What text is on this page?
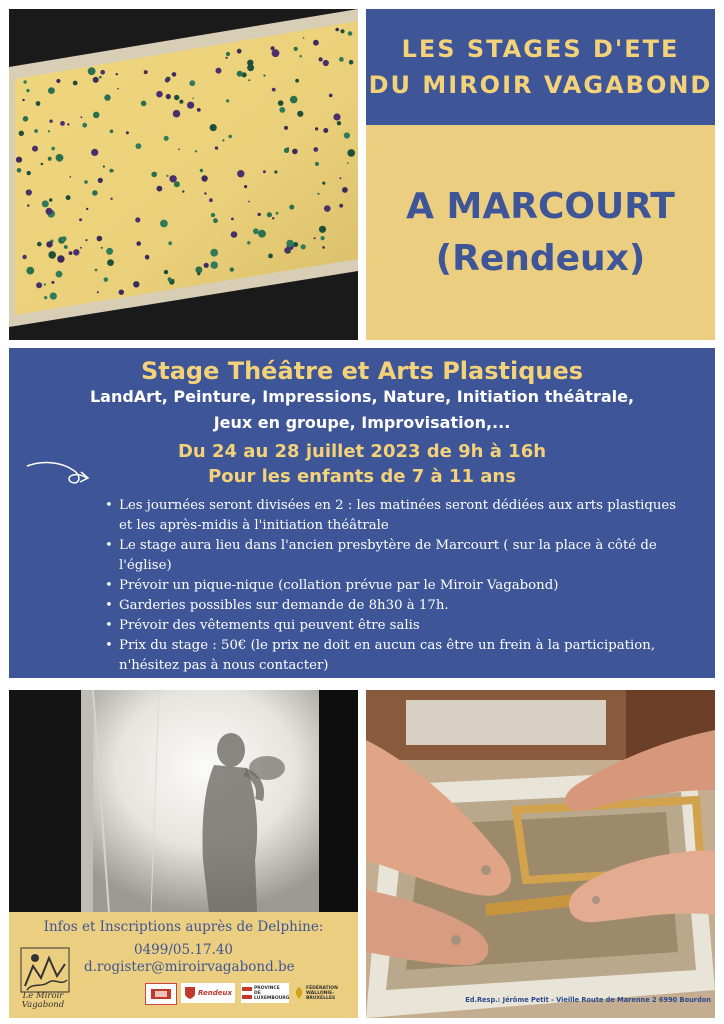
LES STAGES D'ETE
DU MIROIR VAGABOND
A MARCOURT
(Rendeux)
Stage Théâtre et Arts Plastiques
LandArt, Peinture, Impressions, Nature, Initiation théâtrale,
Jeux en groupe, Improvisation,...
Du 24 au 28 juillet 2023 de 9h à 16h
Pour les enfants de 7 à 11 ans
• Les journées seront divisées en 2 : les matinées seront dédiées aux arts plastiques et les après-midis à l'initiation théâtrale
• Le stage aura lieu dans l'ancien presbytère de Marcourt ( sur la place à côté de l'église)
• Prévoir un pique-nique (collation prévue par le Miroir Vagabond)
• Garderies possibles sur demande de 8h30 à 17h.
• Prévoir des vêtements qui peuvent être salis
• Prix du stage : 50€ (le prix ne doit en aucun cas être un frein à la participation, n'hésitez pas à nous contacter)
Infos et Inscriptions auprès de Delphine:
0499/05.17.40
d.rogister@miroirvagabond.be
Le Miroir Vagabond
Rendeux
PROVINCE DE LUXEMBOURG
FÉDÉRATION WALLONIE-BRUXELLES	Ed.Resp.: Jérôme Petit - Vieille Route de Marenne 2 6990 Bourdon
